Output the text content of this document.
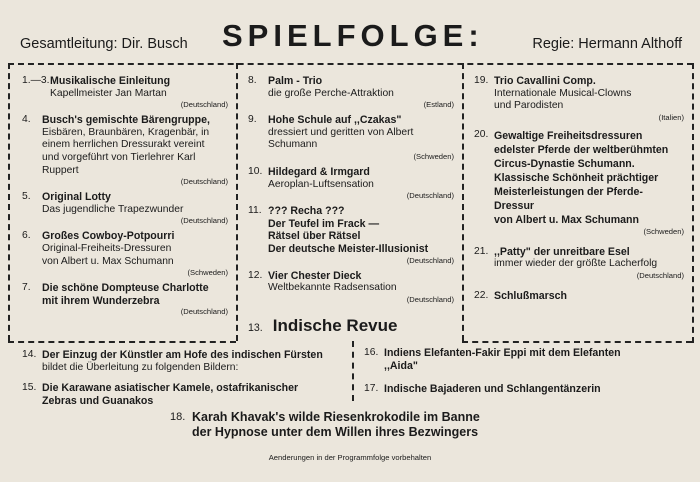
Gesamtleitung: Dir. Busch SPIELFOLGE:	Regie: Hermann Althoff
1.—3. Musikalische Einleitung
Kapellmeister Jan Martan
(Deutschland)
4. Busch's gemischte Bärengruppe,
Eisbären, Braunbären, Kragenbär, in
einem herrlichen Dressurakt vereint
und vorgeführt von Tierlehrer Karl
Ruppert
(Deutschland)
5. Original Lotty
Das jugendliche Trapezwunder
(Deutschland)
6. Großes Cowboy-Potpourri
Original-Freiheits-Dressuren
von Albert u. Max Schumann
(Schweden)
7. Die schöne Dompteuse Charlotte
mit ihrem Wunderzebra
(Deutschland)
8. Palm - Trio
die große Perche-Attraktion
(Estland)
9. Hohe Schule auf ,,Czakas"
dressiert und geritten von Albert
Schumann
(Schweden)
10. Hildegard & Irmgard
Aeroplan-Luftsensation
(Deutschland)
11. ??? Recha ???
Der Teufel im Frack —
Rätsel über Rätsel
Der deutsche Meister-Illusionist
(Deutschland)
12. Vier Chester Dieck
Weltbekannte Radsensation
(Deutschland)
19. Trio Cavallini Comp.
Internationale Musical-Clowns
und Parodisten
(Italien)
20. Gewaltige Freiheitsdressuren
edelster Pferde der weltberühmten
Circus-Dynastie Schumann.
Klassische Schönheit prächtiger
Meisterleistungen der Pferde-
Dressur
von Albert u. Max Schumann
(Schweden)
21. ,,Patty" der unreitbare Esel
immer wieder der größte Lacherfolg
(Deutschland)
22. Schlußmarsch
13. Indische Revue
14. Der Einzug der Künstler am Hofe des indischen Fürsten
bildet die Überleitung zu folgenden Bildern:
15. Die Karawane asiatischer Kamele, ostafrikanischer
Zebras und Guanakos
16. Indiens Elefanten-Fakir Eppi mit dem Elefanten
,,Aida"
17. Indische Bajaderen und Schlangentänzerin
18. Karah Khavak's wilde Riesenkrokodile im Banne
der Hypnose unter dem Willen ihres Bezwingers
Aenderungen in der Programmfolge vorbehalten
